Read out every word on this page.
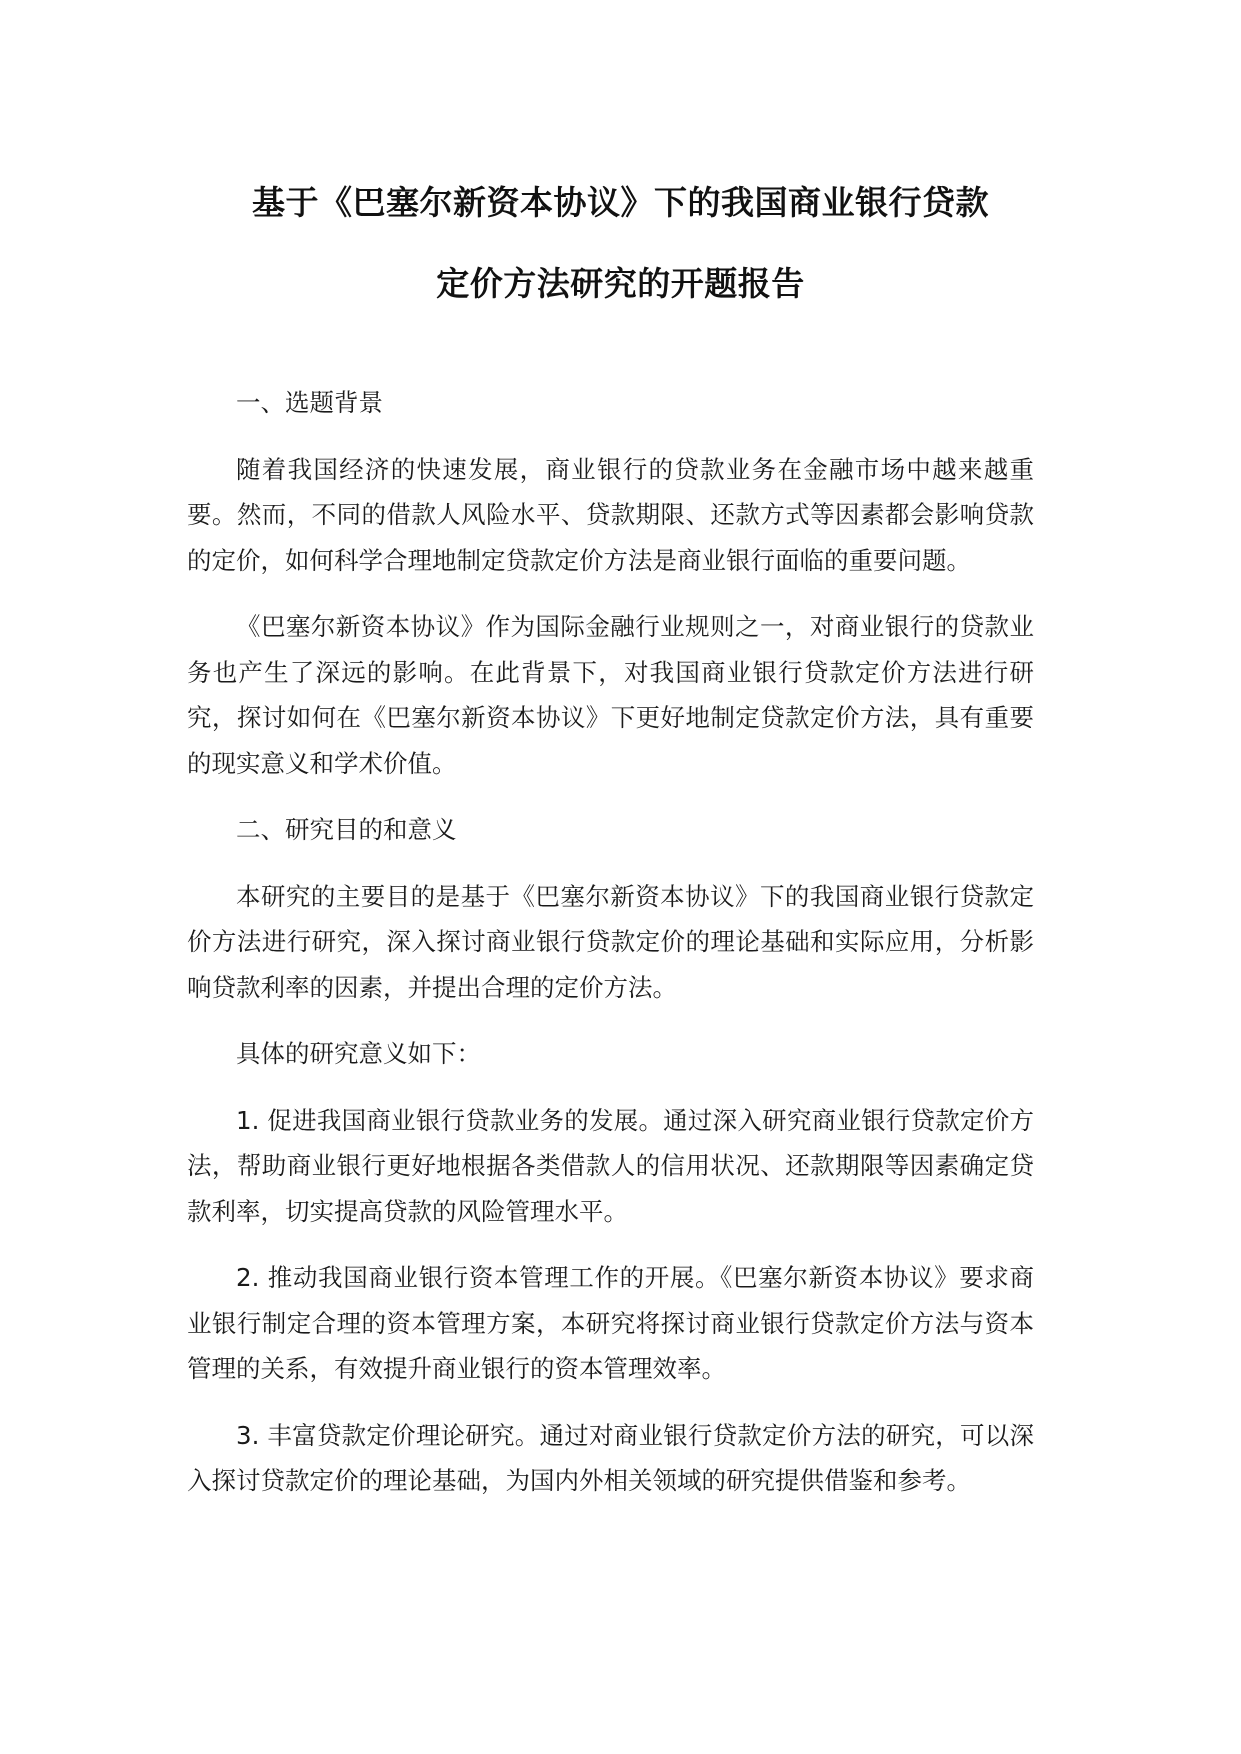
基于《巴塞尔新资本协议》下的我国商业银行贷款
定价方法研究的开题报告
一、选题背景

随着我国经济的快速发展，商业银行的贷款业务在金融市场中越来越重要。然而，不同的借款人风险水平、贷款期限、还款方式等因素都会影响贷款的定价，如何科学合理地制定贷款定价方法是商业银行面临的重要问题。

《巴塞尔新资本协议》作为国际金融行业规则之一，对商业银行的贷款业务也产生了深远的影响。在此背景下，对我国商业银行贷款定价方法进行研究，探讨如何在《巴塞尔新资本协议》下更好地制定贷款定价方法，具有重要的现实意义和学术价值。

二、研究目的和意义

本研究的主要目的是基于《巴塞尔新资本协议》下的我国商业银行贷款定价方法进行研究，深入探讨商业银行贷款定价的理论基础和实际应用，分析影响贷款利率的因素，并提出合理的定价方法。

具体的研究意义如下：

1. 促进我国商业银行贷款业务的发展。通过深入研究商业银行贷款定价方法，帮助商业银行更好地根据各类借款人的信用状况、还款期限等因素确定贷款利率，切实提高贷款的风险管理水平。

2. 推动我国商业银行资本管理工作的开展。《巴塞尔新资本协议》要求商业银行制定合理的资本管理方案，本研究将探讨商业银行贷款定价方法与资本管理的关系，有效提升商业银行的资本管理效率。

3. 丰富贷款定价理论研究。通过对商业银行贷款定价方法的研究，可以深入探讨贷款定价的理论基础，为国内外相关领域的研究提供借鉴和参考。
